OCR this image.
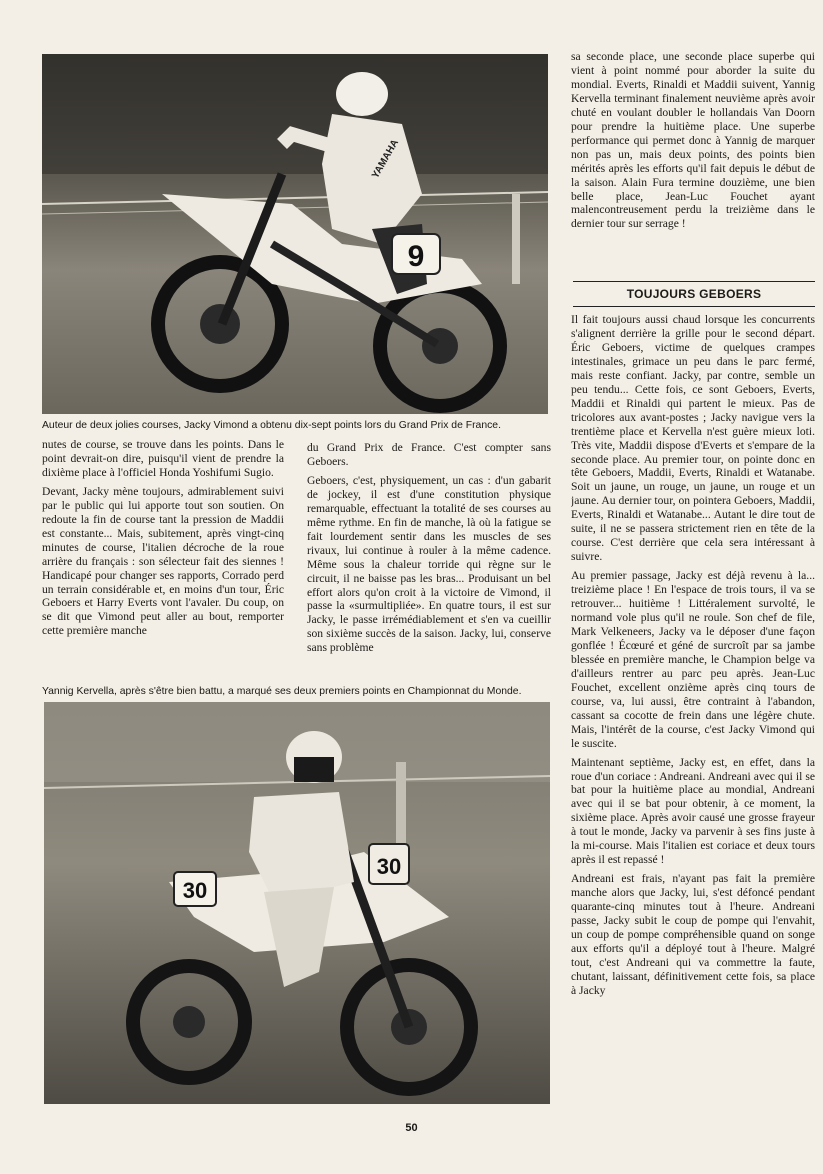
9
YAMAHA
Auteur de deux jolies courses, Jacky Vimond a obtenu dix-sept points lors du Grand Prix de France.

nutes de course, se trouve dans les points. Dans le point devrait-on dire, puisqu'il vient de prendre la dixième place à l'officiel Honda Yoshifumi Sugio.

Devant, Jacky mène toujours, admirablement suivi par le public qui lui apporte tout son soutien. On redoute la fin de course tant la pression de Maddii est constante... Mais, subitement, après vingt-cinq minutes de course, l'italien décroche de la roue arrière du français : son sélecteur fait des siennes ! Handicapé pour changer ses rapports, Corrado perd un terrain considérable et, en moins d'un tour, Éric Geboers et Harry Everts vont l'avaler. Du coup, on se dit que Vimond peut aller au bout, remporter cette première manche

du Grand Prix de France. C'est compter sans Geboers.

Geboers, c'est, physiquement, un cas : d'un gabarit de jockey, il est d'une constitution physique remarquable, effectuant la totalité de ses courses au même rythme. En fin de manche, là où la fatigue se fait lourdement sentir dans les muscles de ses rivaux, lui continue à rouler à la même cadence. Même sous la chaleur torride qui règne sur le circuit, il ne baisse pas les bras... Produisant un bel effort alors qu'on croit à la victoire de Vimond, il passe la «surmultipliée». En quatre tours, il est sur Jacky, le passe irrémédiablement et s'en va cueillir son sixième succès de la saison. Jacky, lui, conserve sans problème

Yannig Kervella, après s'être bien battu, a marqué ses deux premiers points en Championnat du Monde.
30
30

sa seconde place, une seconde place superbe qui vient à point nommé pour aborder la suite du mondial. Everts, Rinaldi et Maddii suivent, Yannig Kervella terminant finalement neuvième après avoir chuté en voulant doubler le hollandais Van Doorn pour prendre la huitième place. Une superbe performance qui permet donc à Yannig de marquer non pas un, mais deux points, des points bien mérités après les efforts qu'il fait depuis le début de la saison. Alain Fura termine douzième, une bien belle place, Jean-Luc Fouchet ayant malencontreusement perdu la treizième dans le dernier tour sur serrage !

TOUJOURS GEBOERS

Il fait toujours aussi chaud lorsque les concurrents s'alignent derrière la grille pour le second départ. Éric Geboers, victime de quelques crampes intestinales, grimace un peu dans le parc fermé, mais reste confiant. Jacky, par contre, semble un peu tendu... Cette fois, ce sont Geboers, Everts, Maddii et Rinaldi qui partent le mieux. Pas de tricolores aux avant-postes ; Jacky navigue vers la trentième place et Kervella n'est guère mieux loti. Très vite, Maddii dispose d'Everts et s'empare de la seconde place. Au premier tour, on pointe donc en tête Geboers, Maddii, Everts, Rinaldi et Watanabe. Soit un jaune, un rouge, un jaune, un rouge et un jaune. Au dernier tour, on pointera Geboers, Maddii, Everts, Rinaldi et Watanabe... Autant le dire tout de suite, il ne se passera strictement rien en tête de la course. C'est derrière que cela sera intéressant à suivre.

Au premier passage, Jacky est déjà revenu à la... treizième place ! En l'espace de trois tours, il va se retrouver... huitième ! Littéralement survolté, le normand vole plus qu'il ne roule. Son chef de file, Mark Velkeneers, Jacky va le déposer d'une façon gonflée ! Écœuré et géné de surcroît par sa jambe blessée en première manche, le Champion belge va d'ailleurs rentrer au parc peu après. Jean-Luc Fouchet, excellent onzième après cinq tours de course, va, lui aussi, être contraint à l'abandon, cassant sa cocotte de frein dans une légère chute. Mais, l'intérêt de la course, c'est Jacky Vimond qui le suscite.

Maintenant septième, Jacky est, en effet, dans la roue d'un coriace : Andreani. Andreani avec qui il se bat pour la huitième place au mondial, Andreani avec qui il se bat pour obtenir, à ce moment, la sixième place. Après avoir causé une grosse frayeur à tout le monde, Jacky va parvenir à ses fins juste à la mi-course. Mais l'italien est coriace et deux tours après il est repassé !

Andreani est frais, n'ayant pas fait la première manche alors que Jacky, lui, s'est défoncé pendant quarante-cinq minutes tout à l'heure. Andreani passe, Jacky subit le coup de pompe qui l'envahit, un coup de pompe compréhensible quand on songe aux efforts qu'il a déployé tout à l'heure. Malgré tout, c'est Andreani qui va commettre la faute, chutant, laissant, définitivement cette fois, sa place à Jacky

50
